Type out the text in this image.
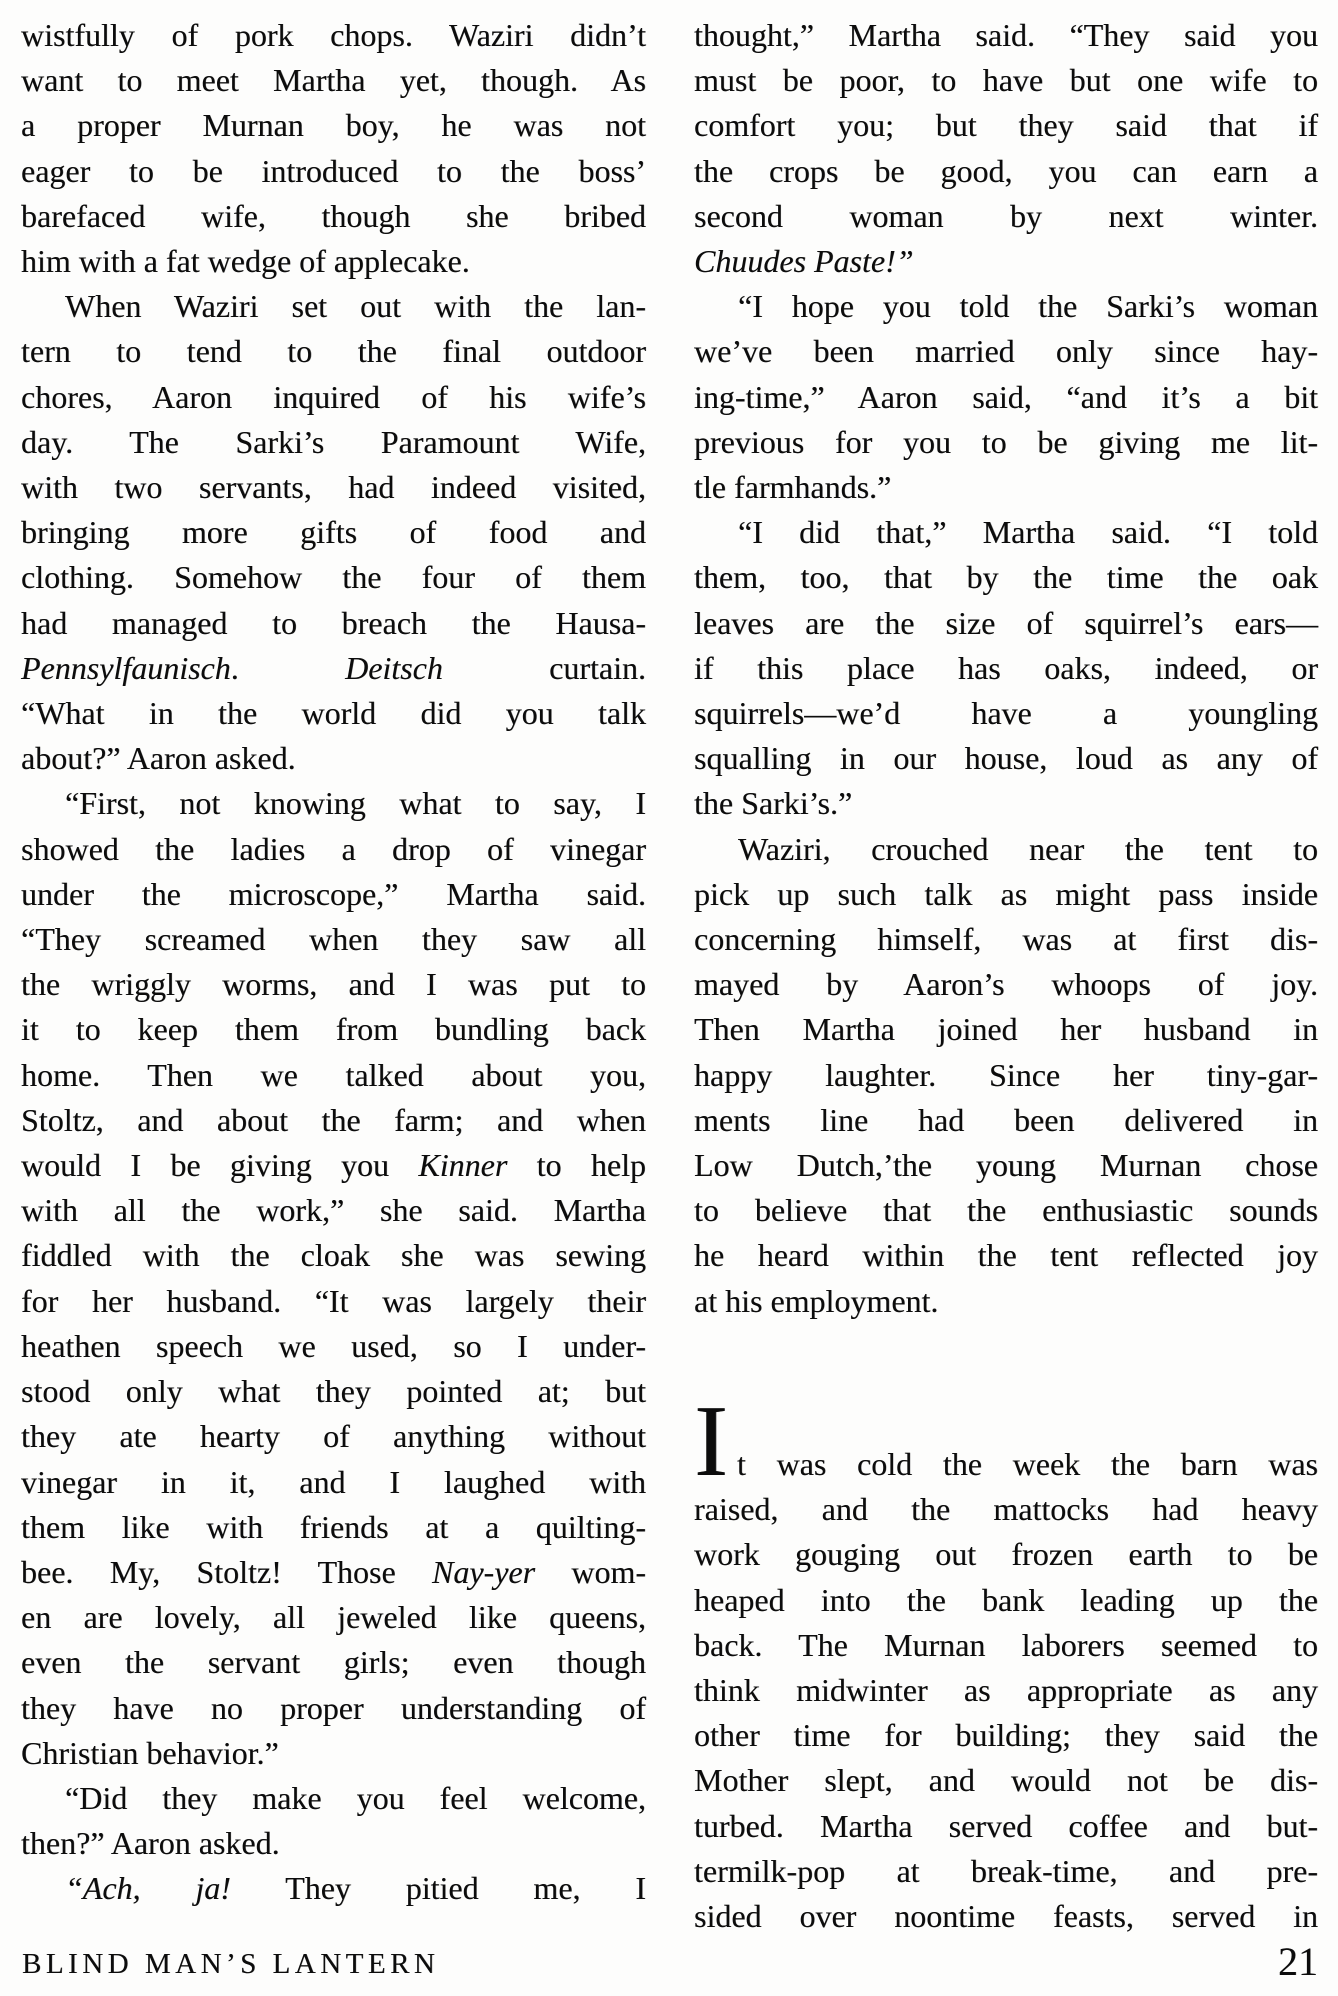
wistfully of pork chops. Waziri didn’t
want to meet Martha yet, though. As
a proper Murnan boy, he was not
eager to be introduced to the boss’
barefaced wife, though she bribed
him with a fat wedge of applecake.
When Waziri set out with the lan-
tern to tend to the final outdoor
chores, Aaron inquired of his wife’s
day. The Sarki’s Paramount Wife,
with two servants, had indeed visited,
bringing more gifts of food and
clothing. Somehow the four of them
had managed to breach the Hausa-
Pennsylfaunisch. Deitsch curtain.
“What in the world did you talk
about?” Aaron asked.
“First, not knowing what to say, I
showed the ladies a drop of vinegar
under the microscope,” Martha said.
“They screamed when they saw all
the wriggly worms, and I was put to
it to keep them from bundling back
home. Then we talked about you,
Stoltz, and about the farm; and when
would I be giving you Kinner to help
with all the work,” she said. Martha
fiddled with the cloak she was sewing
for her husband. “It was largely their
heathen speech we used, so I under-
stood only what they pointed at; but
they ate hearty of anything without
vinegar in it, and I laughed with
them like with friends at a quilting-
bee. My, Stoltz! Those Nay-yer wom-
en are lovely, all jeweled like queens,
even the servant girls; even though
they have no proper understanding of
Christian behavior.”
“Did they make you feel welcome,
then?” Aaron asked.
“Ach, ja! They pitied me, I
thought,” Martha said. “They said you
must be poor, to have but one wife to
comfort you; but they said that if
the crops be good, you can earn a
second woman by next winter.
Chuudes Paste!”
“I hope you told the Sarki’s woman
we’ve been married only since hay-
ing-time,” Aaron said, “and it’s a bit
previous for you to be giving me lit-
tle farmhands.”
“I did that,” Martha said. “I told
them, too, that by the time the oak
leaves are the size of squirrel’s ears—
if this place has oaks, indeed, or
squirrels—we’d have a youngling
squalling in our house, loud as any of
the Sarki’s.”
Waziri, crouched near the tent to
pick up such talk as might pass inside
concerning himself, was at first dis-
mayed by Aaron’s whoops of joy.
Then Martha joined her husband in
happy laughter. Since her tiny-gar-
ments line had been delivered in
Low Dutch,’the young Murnan chose
to believe that the enthusiastic sounds
he heard within the tent reflected joy
at his employment.
It was cold the week the barn was
raised, and the mattocks had heavy
work gouging out frozen earth to be
heaped into the bank leading up the
back. The Murnan laborers seemed to
think midwinter as appropriate as any
other time for building; they said the
Mother slept, and would not be dis-
turbed. Martha served coffee and but-
termilk-pop at break-time, and pre-
sided over noontime feasts, served in
BLIND MAN’S LANTERN	21
